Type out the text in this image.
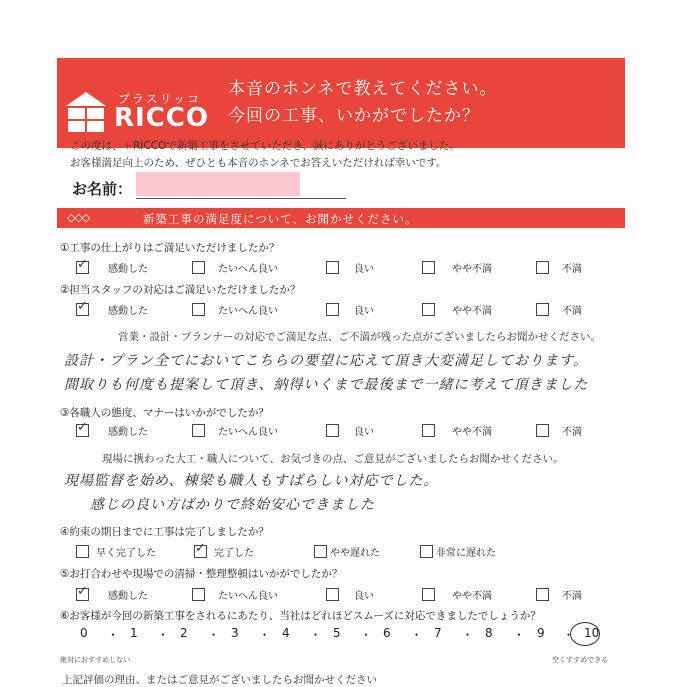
プラスリッコ
RICCO
本音のホンネで教えてください。
今回の工事、いかがでしたか？
この度は、＋RICCOで新築工事をさせていただき、誠にありがとうございました。
お客様満足向上のため、ぜひとも本音のホンネでお答えいただければ幸いです。
お名前：
◇◇◇	新築工事の満足度について、お聞かせください。
①工事の仕上がりはご満足いただけましたか？
✓
感動した	たいへん良い	良い	やや不満	不満
②担当スタッフの対応はご満足いただけましたか？
✓
感動した	たいへん良い	良い	やや不満	不満
営業・設計・プランナーの対応でご満足な点、ご不満が残った点がございましたらお聞かせください。
設計・プラン全てにおいてこちらの要望に応えて頂き大変満足しております。
間取りも何度も提案して頂き、納得いくまで最後まで一緒に考えて頂きました
③各職人の態度、マナーはいかがでしたか？
✓
感動した	たいへん良い	良い	やや不満	不満
現場に携わった大工・職人について、お気づきの点、ご意見がございましたらお聞かせください。
現場監督を始め、棟梁も職人もすばらしい対応でした。
感じの良い方ばかりで終始安心できました
④約束の期日までに工事は完了しましたか？
早く完了した
✓	完了した	やや遅れた	非常に遅れた
⑤お打合わせや現場での清掃・整理整頓はいかがでしたか？
✓
感動した	たいへん良い	良い	やや不満	不満
⑥お客様が今回の新築工事をされるにあたり、当社はどれほどスムーズに対応できましたでしょうか？
0 ・ 1 ・ 2 ・ 3 ・ 4 ・ 5 ・ 6 ・ 7 ・ 8 ・ 9 ・ 10
絶対におすすめしない	空くすすめできる
上記評価の理由、またはご意見がございましたらお聞かせください
